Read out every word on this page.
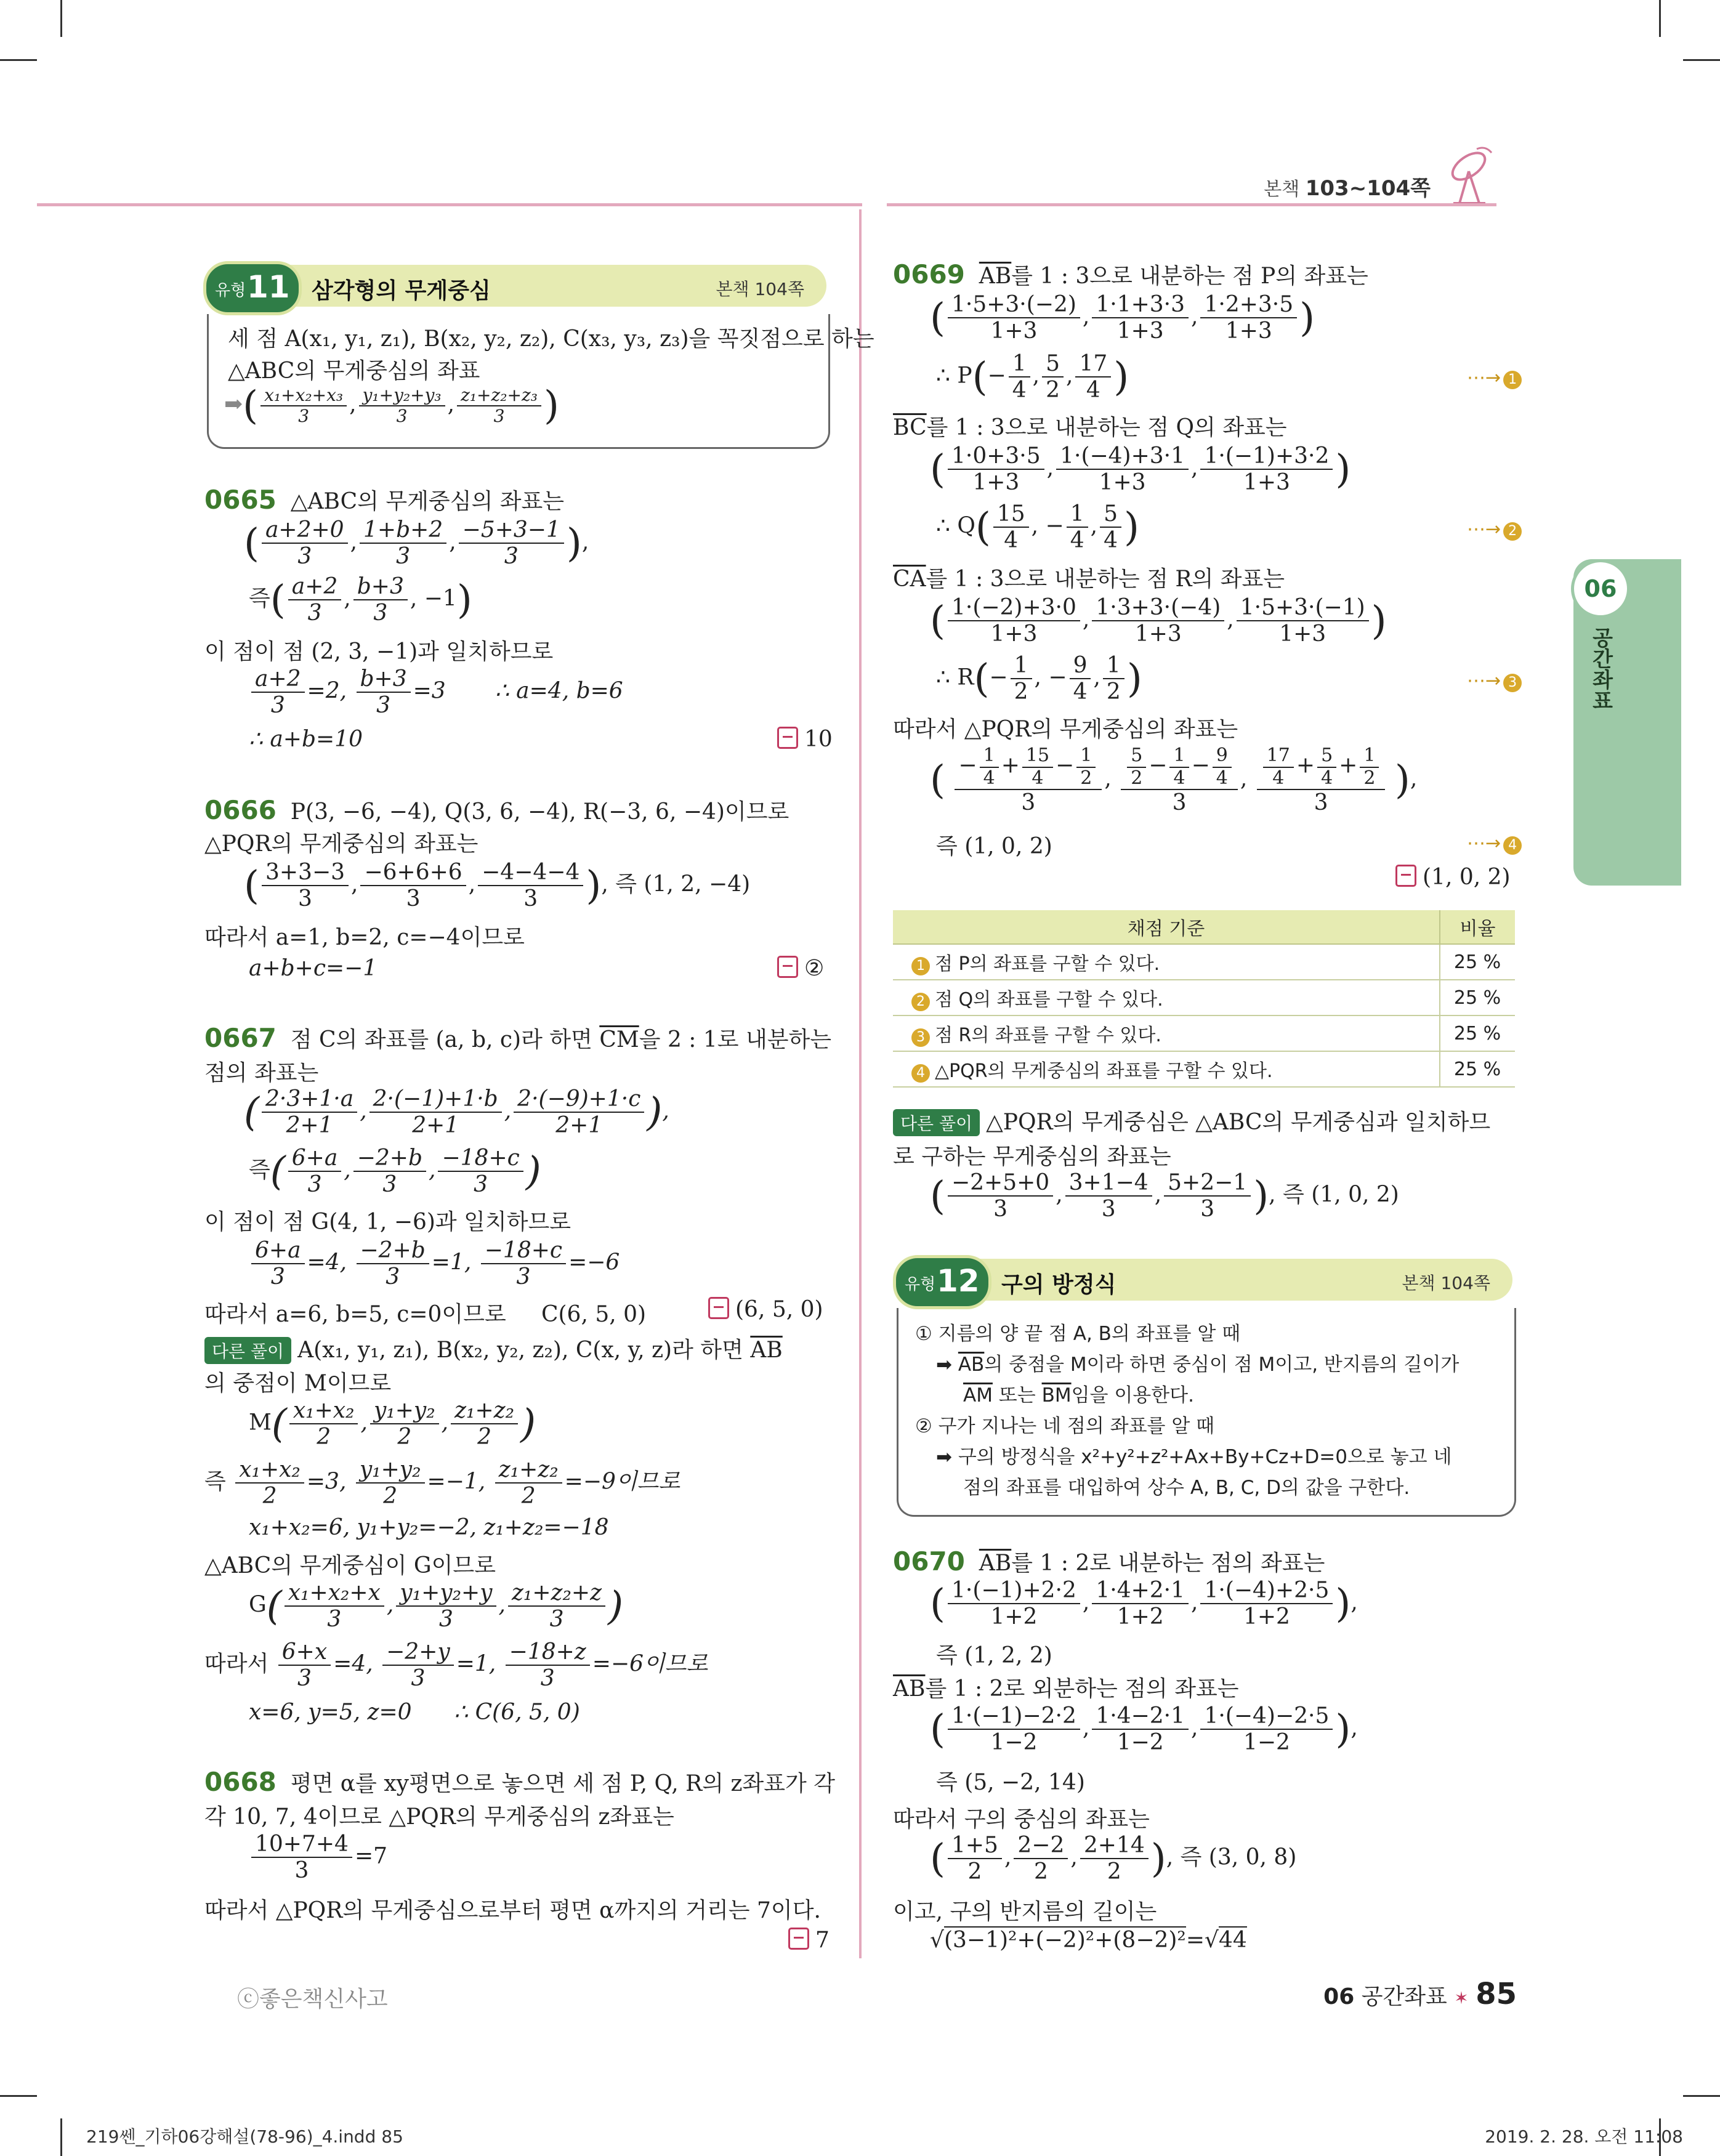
본책 103~104쪽
06
공간좌표
유형 11 삼각형의 무게중심	본책 104쪽
세 점 A(x₁, y₁, z₁), B(x₂, y₂, z₂), C(x₃, y₃, z₃)을 꼭짓점으로 하는
△ABC의 무게중심의 좌표
➡( $\frac{\text{x₁+x₂+x₃}}{3}$ , $\frac{\text{y₁+y₂+y₃}}{3}$ , $\frac{\text{z₁+z₂+z₃}}{3}$ )
0665 △ABC의 무게중심의 좌표는
( $\frac{a+2+0}{3}$ , $\frac{1+b+2}{3}$ , $\frac{-5+3-1}{3}$ ),
즉( $\frac{a+2}{3}$ , $\frac{b+3}{3}$ , −1)
이 점이 점 (2, 3, −1)과 일치하므로
$\frac{a+2}{3} =2$, $\frac{b+3}{3} =3$ ∴ a=4, b=6
∴ a+b=10	10
0666 P(3, −6, −4), Q(3, 6, −4), R(−3, 6, −4)이므로
△PQR의 무게중심의 좌표는
( $\frac{3+3-3}{3}$ , $\frac{-6+6+6}{3}$ , $\frac{-4-4-4}{3}$ ), 즉 (1, 2, −4)
따라서 a=1, b=2, c=−4이므로
a+b+c=−1	②
0667 점 C의 좌표를 (a, b, c)라 하면 $\overline{CM}$을 2 : 1로 내분하는
점의 좌표는
( $\frac{2\cdot 3+1\cdot a}{2+1}$ , $\frac{2\cdot(-1)+1\cdot b}{2+1}$ , $\frac{2\cdot(-9)+1\cdot c}{2+1}$ ),
즉( $\frac{6+a}{3}$ , $\frac{-2+b}{3}$ , $\frac{-18+c}{3}$ )
이 점이 점 G(4, 1, −6)과 일치하므로
$\frac{6+a}{3} =4$, $\frac{-2+b}{3} =1$, $\frac{-18+c}{3} =-6$
따라서 a=6, b=5, c=0이므로 C(6, 5, 0)	(6, 5, 0)
다른 풀이 A(x₁, y₁, z₁), B(x₂, y₂, z₂), C(x, y, z)라 하면 $\overline{AB}$
의 중점이 M이므로
$M( \frac{\text{x₁+x₂}}{2}$ , $\frac{\text{y₁+y₂}}{2}$ , $\frac{\text{z₁+z₂}}{2}$ )
즉 $\frac{\text{x₁+x₂}}{2} =3$, $\frac{\text{y₁+y₂}}{2} =-1$, $\frac{\text{z₁+z₂}}{2} =-9$이므로
x₁+x₂=6, y₁+y₂=−2, z₁+z₂=−18
△ABC의 무게중심이 G이므로
$G( \frac{\text{x₁+x₂+x}}{3}$ , $\frac{\text{y₁+y₂+y}}{3}$ , $\frac{\text{z₁+z₂+z}}{3}$ )
따라서 $\frac{6+x}{3} =4$, $\frac{-2+y}{3} =1$, $\frac{-18+z}{3} =-6$이므로
x=6, y=5, z=0 ∴ C(6, 5, 0)
0668 평면 α를 xy평면으로 놓으면 세 점 P, Q, R의 z좌표가 각
각 10, 7, 4이므로 △PQR의 무게중심의 z좌표는
$\frac{10+7+4}{3} =7$
따라서 △PQR의 무게중심으로부터 평면 α까지의 거리는 7이다.
7
0669 $\overline{AB}$를 1 : 3으로 내분하는 점 P의 좌표는
( $\frac{1\cdot 5+3\cdot(-2)}{1+3}$ , $\frac{1\cdot 1+3\cdot 3}{1+3}$ , $\frac{1\cdot 2+3\cdot 5}{1+3}$ )
∴ $P(- \frac{1}{4}$ , $\frac{5}{2}$ , $\frac{17}{4}$ )	⋯→ 1
$\overline{BC}$를 1 : 3으로 내분하는 점 Q의 좌표는
( $\frac{1\cdot 0+3\cdot 5}{1+3}$ , $\frac{1\cdot(-4)+3\cdot 1}{1+3}$ , $\frac{1\cdot(-1)+3\cdot 2}{1+3}$ )
∴ $Q( \frac{15}{4}$ , − $\frac{1}{4}$ , $\frac{5}{4}$ )	⋯→ 2
$\overline{CA}$를 1 : 3으로 내분하는 점 R의 좌표는
( $\frac{1\cdot(-2)+3\cdot 0}{1+3}$ , $\frac{1\cdot 3+3\cdot(-4)}{1+3}$ , $\frac{1\cdot 5+3\cdot(-1)}{1+3}$ )
∴ $R(- \frac{1}{2}$ , − $\frac{9}{4}$ , $\frac{1}{2}$ )	⋯→ 3
따라서 △PQR의 무게중심의 좌표는
( $\frac{- \frac{1}{4} + \frac{15}{4} - \frac{1}{2}}{3}$ , $\frac{\frac{5}{2} - \frac{1}{4} - \frac{9}{4}}{3}$ , $\frac{\frac{17}{4} + \frac{5}{4} + \frac{1}{2}}{3}$ ),
즉 (1, 0, 2)	⋯→ 4
(1, 0, 2)
채점 기준	비율
1 점 P의 좌표를 구할 수 있다.	25 %
2 점 Q의 좌표를 구할 수 있다.	25 %
3 점 R의 좌표를 구할 수 있다.	25 %
4 △PQR의 무게중심의 좌표를 구할 수 있다.	25 %
다른 풀이 △PQR의 무게중심은 △ABC의 무게중심과 일치하므
로 구하는 무게중심의 좌표는
( $\frac{-2+5+0}{3}$ , $\frac{3+1-4}{3}$ , $\frac{5+2-1}{3}$ ), 즉 (1, 0, 2)
유형 12 구의 방정식	본책 104쪽
① 지름의 양 끝 점 A, B의 좌표를 알 때
➡ $\overline{AB}$의 중점을 M이라 하면 중심이 점 M이고, 반지름의 길이가
$\overline{AM}$ 또는 $\overline{BM}$임을 이용한다.
② 구가 지나는 네 점의 좌표를 알 때
➡ 구의 방정식을 x²+y²+z²+Ax+By+Cz+D=0으로 놓고 네
점의 좌표를 대입하여 상수 A, B, C, D의 값을 구한다.
0670 $\overline{AB}$를 1 : 2로 내분하는 점의 좌표는
( $\frac{1\cdot(-1)+2\cdot 2}{1+2}$ , $\frac{1\cdot 4+2\cdot 1}{1+2}$ , $\frac{1\cdot(-4)+2\cdot 5}{1+2}$ ),
즉 (1, 2, 2)
$\overline{AB}$를 1 : 2로 외분하는 점의 좌표는
( $\frac{1\cdot(-1)-2\cdot 2}{1-2}$ , $\frac{1\cdot 4-2\cdot 1}{1-2}$ , $\frac{1\cdot(-4)-2\cdot 5}{1-2}$ ),
즉 (5, −2, 14)
따라서 구의 중심의 좌표는
( $\frac{1+5}{2}$ , $\frac{2-2}{2}$ , $\frac{2+14}{2}$ ), 즉 (3, 0, 8)
이고, 구의 반지름의 길이는
√(3−1)²+(−2)²+(8−2)²=√44
ⓒ좋은책신사고	06 공간좌표 ✶ 85
219쎈_기하06강해설(78-96)_4.indd 85	2019. 2. 28. 오전 11:08
